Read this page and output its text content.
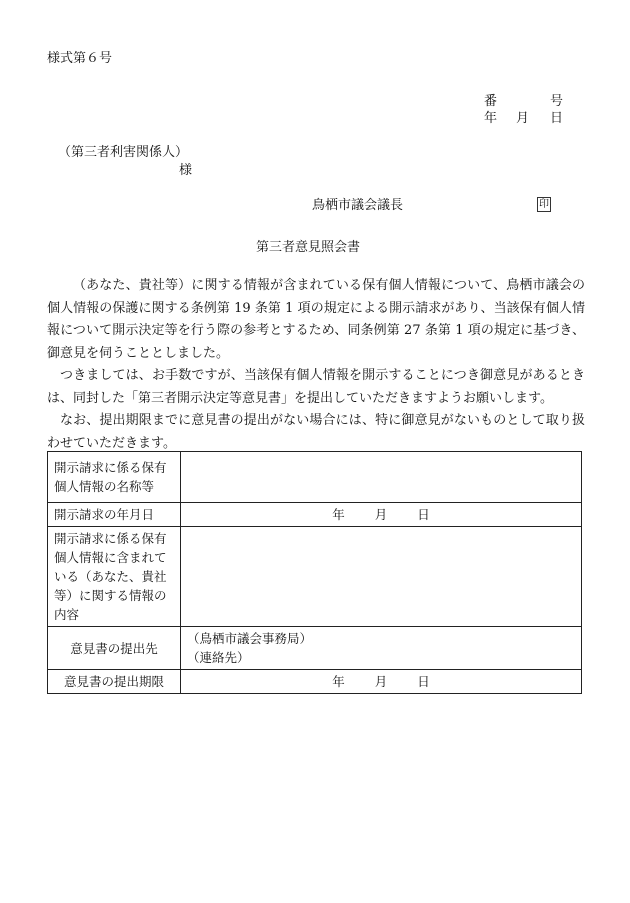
様式第６号
番	号
年 月 日
（第三者利害関係人）
様
鳥栖市議会議長	印
第三者意見照会書

（あなた、貴社等）に関する情報が含まれている保有個人情報について、鳥栖市議会の個人情報の保護に関する条例第 19 条第 1 項の規定による開示請求があり、当該保有個人情報について開示決定等を行う際の参考とするため、同条例第 27 条第 1 項の規定に基づき、御意見を伺うこととしました。

つきましては、お手数ですが、当該保有個人情報を開示することにつき御意見があるときは、同封した「第三者開示決定等意見書」を提出していただきますようお願いします。

なお、提出期限までに意見書の提出がない場合には、特に御意見がないものとして取り扱わせていただきます。

開示請求に係る保有個人情報の名称等	
開示請求の年月日	年 月 日
開示請求に係る保有個人情報に含まれている（あなた、貴社等）に関する情報の内容	
意見書の提出先	（鳥栖市議会事務局）
（連絡先）

意見書の提出期限	年 月 日
